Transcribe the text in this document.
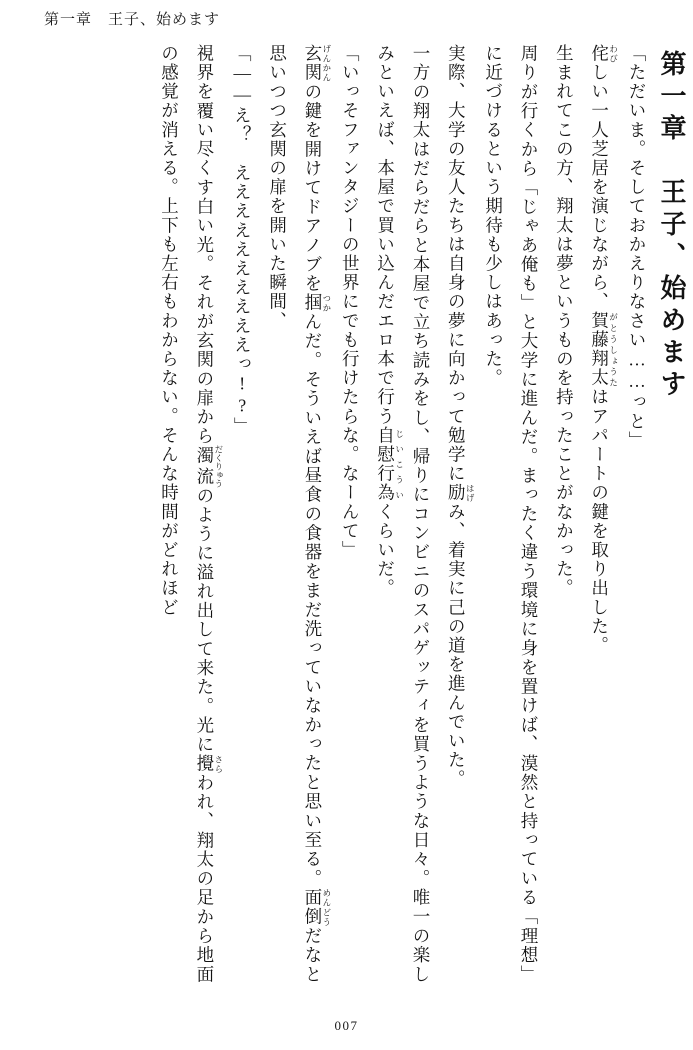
第一章　王子、始めます
第一章　王子、始めます
「ただいま。そしておかえりなさい……っと」
侘 わびしい一人芝居を演じながら、賀藤翔太 がとうしょうたはアパートの鍵を取り出した。
生まれてこの方、翔太は夢というものを持ったことがなかった。
周りが行くから「じゃあ俺も」と大学に進んだ。まったく違う環境に身を置けば、漠然と持っている「理想」に近づけるという期待も少しはあった。
実際、大学の友人たちは自身の夢に向かって勉学に励 はげみ、着実に己の道を進んでいた。
一方の翔太はだらだらと本屋で立ち読みをし、帰りにコンビニのスパゲッティを買うような日々。唯一の楽しみといえば、本屋で買い込んだエロ本で行う自慰行為 じいこういくらいだ。
「いっそファンタジーの世界にでも行けたらな。なーんて」
玄関 げんかんの鍵を開けてドアノブを掴 つかんだ。そういえば昼食の食器をまだ洗っていなかったと思い至る。面倒 めんどうだなと思いつつ玄関の扉を開いた瞬間、
「――え？　ええええええええええっ!?」
視界を覆い尽くす白い光。それが玄関の扉から濁流 だくりゅうのように溢れ出して来た。光に攪 さらわれ、翔太の足から地面の感覚が消える。上下も左右もわからない。そんな時間がどれほど
007
